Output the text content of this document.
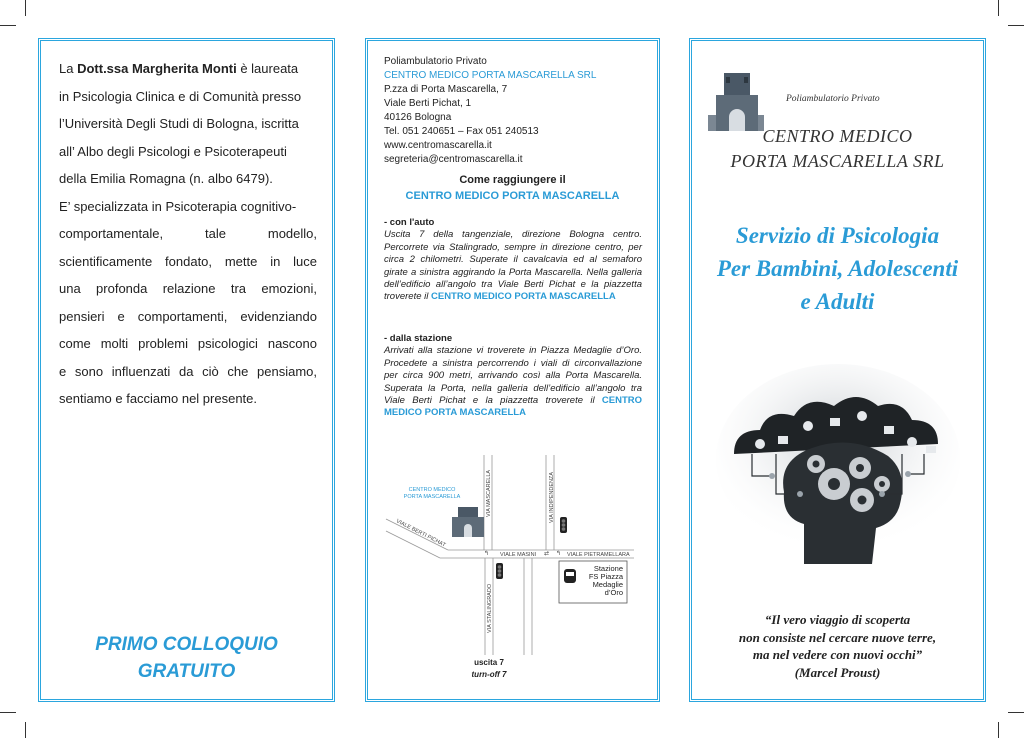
La Dott.ssa Margherita Monti è laureata

in Psicologia Clinica e di Comunità presso

l’Università Degli Studi di Bologna, iscritta

all’ Albo degli Psicologi e Psicoterapeuti

della Emilia Romagna (n. albo 6479).

E’ specializzata in Psicoterapia cognitivo-

comportamentale, tale modello,

scientificamente fondato, mette in luce

una profonda relazione tra emozioni,

pensieri e comportamenti, evidenziando

come molti problemi psicologici nascono

e sono influenzati da ciò che pensiamo,

sentiamo e facciamo nel presente.

PRIMO COLLOQUIO
GRATUITO
Poliambulatorio Privato
CENTRO MEDICO PORTA MASCARELLA SRL
P.zza di Porta Mascarella, 7
Viale Berti Pichat, 1
40126 Bologna
Tel. 051 240651 – Fax 051 240513
www.centromascarella.it
segreteria@centromascarella.it
Come raggiungere il
CENTRO MEDICO PORTA MASCARELLA
- con l'auto
Uscita 7 della tangenziale, direzione Bologna centro. Percorrete via Stalingrado, sempre in direzione centro, per circa 2 chilometri. Superate il cavalcavia ed al semaforo girate a sinistra aggirando la Porta Mascarella. Nella galleria dell’edificio all’angolo tra Viale Berti Pichat e la piazzetta troverete il CENTRO MEDICO PORTA MASCARELLA
- dalla stazione
Arrivati alla stazione vi troverete in Piazza Medaglie d’Oro. Procedete a sinistra percorrendo i viali di circonvallazione per circa 900 metri, arrivando così alla Porta Mascarella. Superata la Porta, nella galleria dell’edificio all’angolo tra Viale Berti Pichat e la piazzetta troverete il CENTRO MEDICO PORTA MASCARELLA
CENTRO MEDICO
PORTA MASCARELLA	VIA MASCARELLA	VIA INDIPENDENZA
VIALE BERTI PICHAT
VIALE MASINI	VIALE PIETRAMELLARA
VIA STALINGRADO
↰	⇄ ↰
Stazione
FS Piazza
Medaglie
d’Oro
uscita 7
turn-off 7
Poliambulatorio Privato
CENTRO MEDICO
PORTA MASCARELLA SRL
Servizio di Psicologia
Per Bambini, Adolescenti
e Adulti
“Il vero viaggio di scoperta
non consiste nel cercare nuove terre,
ma nel vedere con nuovi occhi”
(Marcel Proust)
